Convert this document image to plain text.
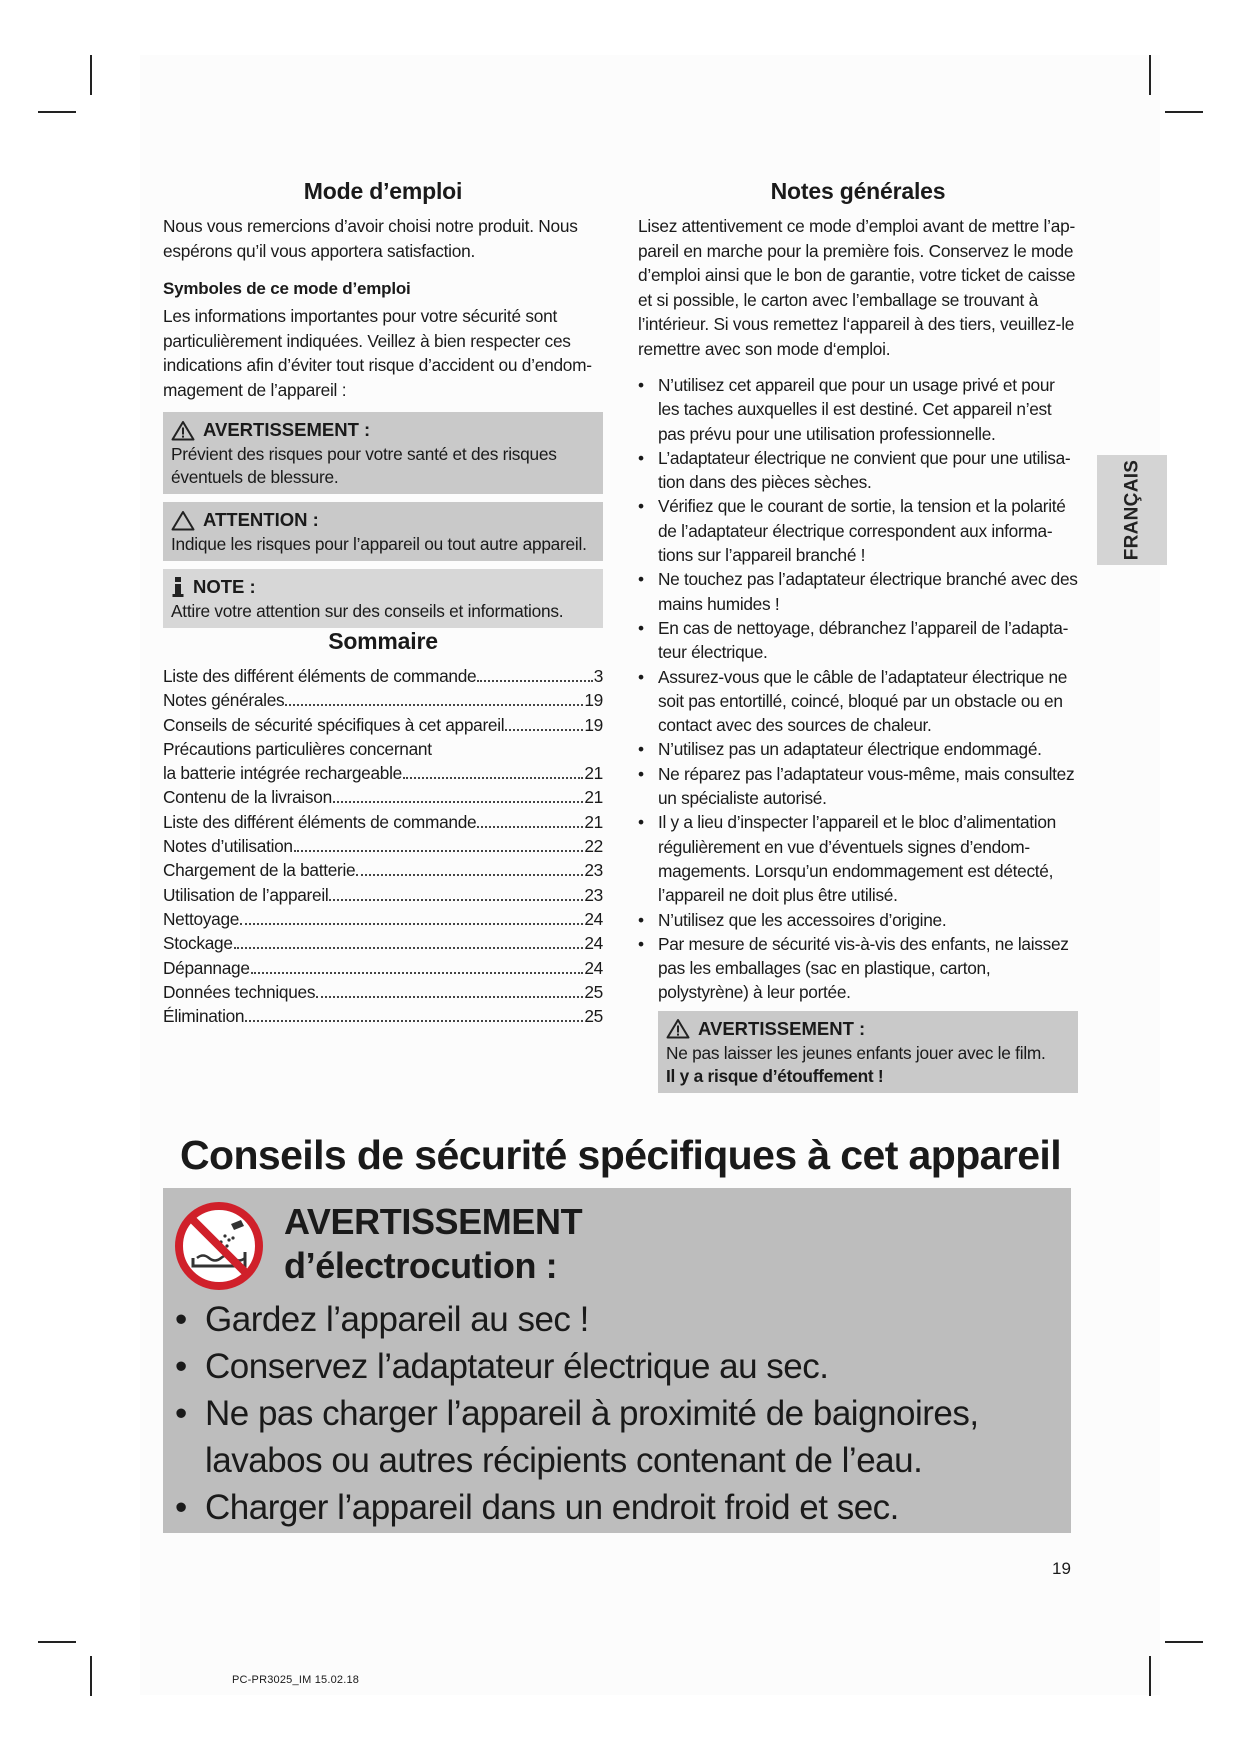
Mode d’emploi

Nous vous remercions d’avoir choisi notre produit. Nous espérons qu’il vous apportera satisfaction.

Symboles de ce mode d’emploi

Les informations importantes pour votre sécurité sont particulièrement indiquées. Veillez à bien respecter ces indications afin d’éviter tout risque d’accident ou d’endom-magement de l’appareil :

AVERTISSEMENT :
Prévient des risques pour votre santé et des risques éventuels de blessure.
ATTENTION :
Indique les risques pour l’appareil ou tout autre appareil.
NOTE :
Attire votre attention sur des conseils et informations.
Sommaire
Liste des différent éléments de commande	3
Notes générales	19
Conseils de sécurité spécifiques à cet appareil	19
Précautions particulières concernant
la batterie intégrée rechargeable	21
Contenu de la livraison	21
Liste des différent éléments de commande	21
Notes d’utilisation	22
Chargement de la batterie	23
Utilisation de l’appareil	23
Nettoyage	24
Stockage	24
Dépannage	24
Données techniques	25
Élimination	25
Notes générales

Lisez attentivement ce mode d’emploi avant de mettre l’ap-pareil en marche pour la première fois. Conservez le mode d’emploi ainsi que le bon de garantie, votre ticket de caisse et si possible, le carton avec l’emballage se trouvant à l’intérieur. Si vous remettez l‘appareil à des tiers, veuillez-le remettre avec son mode d‘emploi.

• N’utilisez cet appareil que pour un usage privé et pour les taches auxquelles il est destiné. Cet appareil n’est pas prévu pour une utilisation professionnelle.
• L’adaptateur électrique ne convient que pour une utilisa-tion dans des pièces sèches.
• Vérifiez que le courant de sortie, la tension et la polarité de l’adaptateur électrique correspondent aux informa-tions sur l’appareil branché !
• Ne touchez pas l’adaptateur électrique branché avec des mains humides !
• En cas de nettoyage, débranchez l’appareil de l’adapta-teur électrique.
• Assurez-vous que le câble de l’adaptateur électrique ne soit pas entortillé, coincé, bloqué par un obstacle ou en contact avec des sources de chaleur.
• N’utilisez pas un adaptateur électrique endommagé.
• Ne réparez pas l’adaptateur vous-même, mais consultez un spécialiste autorisé.
• Il y a lieu d’inspecter l’appareil et le bloc d’alimentation régulièrement en vue d’éventuels signes d’endom-magements. Lorsqu’un endommagement est détecté, l’appareil ne doit plus être utilisé.
• N’utilisez que les accessoires d’origine.
• Par mesure de sécurité vis-à-vis des enfants, ne laissez pas les emballages (sac en plastique, carton, polystyrène) à leur portée.
AVERTISSEMENT :
Ne pas laisser les jeunes enfants jouer avec le film.
Il y a risque d’étouffement !
FRANÇAIS
Conseils de sécurité spécifiques à cet appareil
AVERTISSEMENT
d’électrocution :
• Gardez l’appareil au sec !
• Conservez l’adaptateur électrique au sec.
• Ne pas charger l’appareil à proximité de baignoires, lavabos ou autres récipients contenant de l’eau.
• Charger l’appareil dans un endroit froid et sec.
19
PC-PR3025_IM 15.02.18
